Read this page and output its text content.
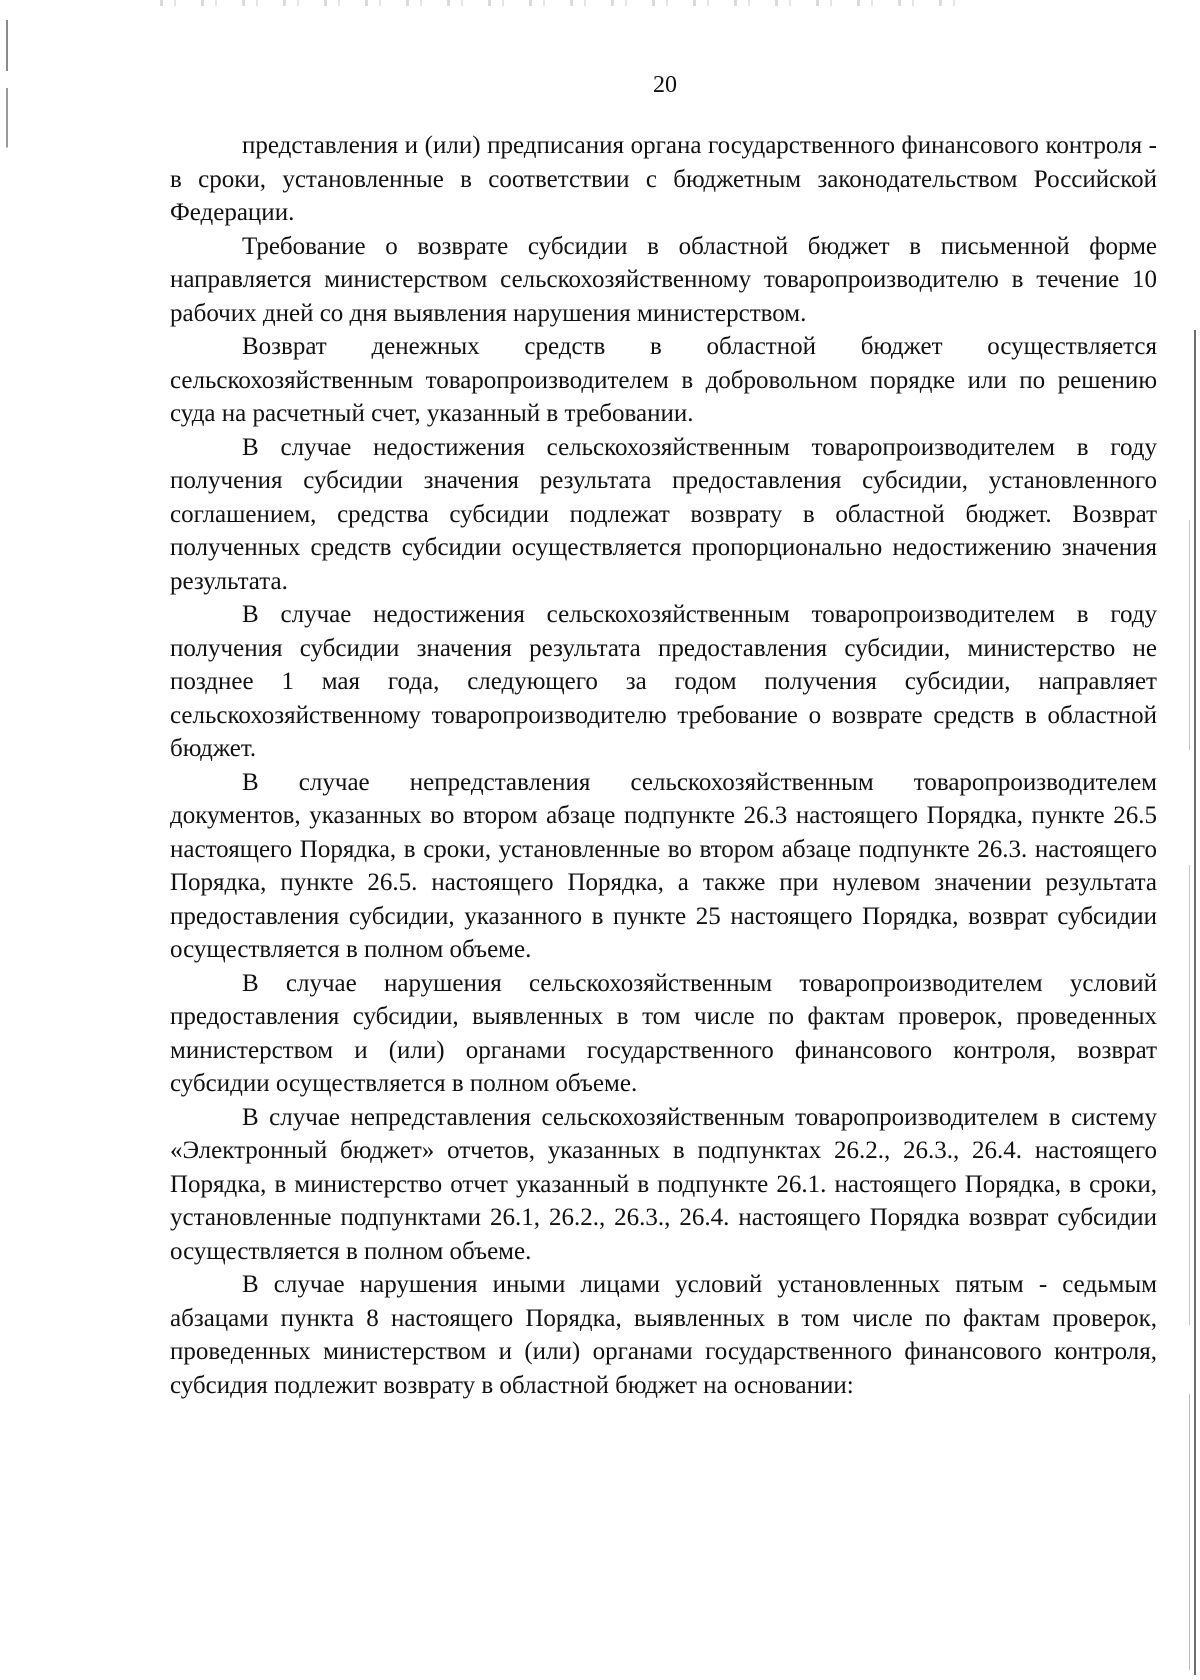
20

представления и (или) предписания органа государственного финансового контроля - в сроки, установленные в соответствии с бюджетным законодательством Российской Федерации.

Требование о возврате субсидии в областной бюджет в письменной форме направляется министерством сельскохозяйственному товаропроизводителю в течение 10 рабочих дней со дня выявления нарушения министерством.

Возврат денежных средств в областной бюджет осуществляется сельскохозяйственным товаропроизводителем в добровольном порядке или по решению суда на расчетный счет, указанный в требовании.

В случае недостижения сельскохозяйственным товаропроизводителем в году получения субсидии значения результата предоставления субсидии, установленного соглашением, средства субсидии подлежат возврату в областной бюджет. Возврат полученных средств субсидии осуществляется пропорционально недостижению значения результата.

В случае недостижения сельскохозяйственным товаропроизводителем в году получения субсидии значения результата предоставления субсидии, министерство не позднее 1 мая года, следующего за годом получения субсидии, направляет сельскохозяйственному товаропроизводителю требование о возврате средств в областной бюджет.

В случае непредставления сельскохозяйственным товаропроизводителем документов, указанных во втором абзаце подпункте 26.3 настоящего Порядка, пункте 26.5 настоящего Порядка, в сроки, установленные во втором абзаце подпункте 26.3. настоящего Порядка, пункте 26.5. настоящего Порядка, а также при нулевом значении результата предоставления субсидии, указанного в пункте 25 настоящего Порядка, возврат субсидии осуществляется в полном объеме.

В случае нарушения сельскохозяйственным товаропроизводителем условий предоставления субсидии, выявленных в том числе по фактам проверок, проведенных министерством и (или) органами государственного финансового контроля, возврат субсидии осуществляется в полном объеме.

В случае непредставления сельскохозяйственным товаропроизводителем в систему «Электронный бюджет» отчетов, указанных в подпунктах 26.2., 26.3., 26.4. настоящего Порядка, в министерство отчет указанный в подпункте 26.1. настоящего Порядка, в сроки, установленные подпунктами 26.1, 26.2., 26.3., 26.4. настоящего Порядка возврат субсидии осуществляется в полном объеме.

В случае нарушения иными лицами условий установленных пятым - седьмым абзацами пункта 8 настоящего Порядка, выявленных в том числе по фактам проверок, проведенных министерством и (или) органами государственного финансового контроля, субсидия подлежит возврату в областной бюджет на основании:
